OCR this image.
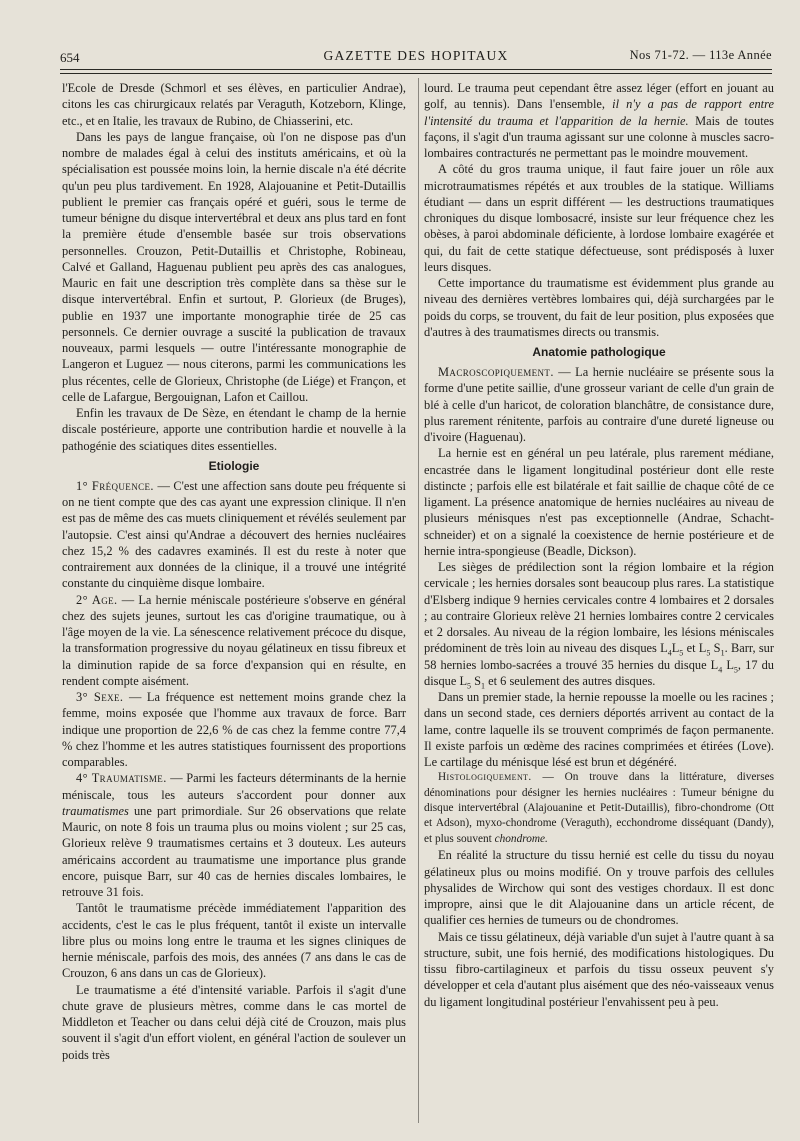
654	GAZETTE DES HOPITAUX	Nos 71-72. — 113e Année

l'Ecole de Dresde (Schmorl et ses élèves, en particulier Andrae), citons les cas chirurgicaux relatés par Veraguth, Kotzeborn, Klinge, etc., et en Italie, les travaux de Rubino, de Chiasserini, etc.

Dans les pays de langue française, où l'on ne dispose pas d'un nombre de malades égal à celui des instituts américains, et où la spécialisation est poussée moins loin, la hernie discale n'a été décrite qu'un peu plus tardivement. En 1928, Alajouanine et Petit-Dutaillis publient le premier cas français opéré et guéri, sous le terme de tumeur bénigne du disque intervertébral et deux ans plus tard en font la première étude d'ensemble basée sur trois observations personnelles. Crouzon, Petit-Dutaillis et Christophe, Robineau, Calvé et Galland, Haguenau publient peu après des cas analogues, Mauric en fait une description très complète dans sa thèse sur le disque intervertébral. Enfin et surtout, P. Glorieux (de Bruges), publie en 1937 une importante monographie tirée de 25 cas personnels. Ce dernier ouvrage a suscité la publication de travaux nouveaux, parmi lesquels — outre l'intéressante monographie de Langeron et Luguez — nous citerons, parmi les communications les plus récentes, celle de Glorieux, Christophe (de Liége) et Françon, et celle de Lafargue, Bergouignan, Lafon et Caillou.

Enfin les travaux de De Sèze, en étendant le champ de la hernie discale postérieure, apporte une contribution hardie et nouvelle à la pathogénie des sciatiques dites essentielles.

Etiologie

1° Fréquence. — C'est une affection sans doute peu fréquente si on ne tient compte que des cas ayant une expression clinique. Il n'en est pas de même des cas muets cliniquement et révélés seulement par l'autopsie. C'est ainsi qu'Andrae a découvert des hernies nucléaires chez 15,2 % des cadavres examinés. Il est du reste à noter que contrairement aux données de la clinique, il a trouvé une intégrité constante du cinquième disque lombaire.

2° Age. — La hernie méniscale postérieure s'observe en général chez des sujets jeunes, surtout les cas d'origine traumatique, ou à l'âge moyen de la vie. La sénescence relativement précoce du disque, la transformation progressive du noyau gélatineux en tissu fibreux et la diminution rapide de sa force d'expansion qui en résulte, en rendent compte aisément.

3° Sexe. — La fréquence est nettement moins grande chez la femme, moins exposée que l'homme aux travaux de force. Barr indique une proportion de 22,6 % de cas chez la femme contre 77,4 % chez l'homme et les autres statistiques fournissent des proportions comparables.

4° Traumatisme. — Parmi les facteurs déterminants de la hernie méniscale, tous les auteurs s'accordent pour donner aux traumatismes une part primordiale. Sur 26 observations que relate Mauric, on note 8 fois un trauma plus ou moins violent ; sur 25 cas, Glorieux relève 9 traumatismes certains et 3 douteux. Les auteurs américains accordent au traumatisme une importance plus grande encore, puisque Barr, sur 40 cas de hernies discales lombaires, le retrouve 31 fois.

Tantôt le traumatisme précède immédiatement l'apparition des accidents, c'est le cas le plus fréquent, tantôt il existe un intervalle libre plus ou moins long entre le trauma et les signes cliniques de hernie méniscale, parfois des mois, des années (7 ans dans le cas de Crouzon, 6 ans dans un cas de Glorieux).

Le traumatisme a été d'intensité variable. Parfois il s'agit d'une chute grave de plusieurs mètres, comme dans le cas mortel de Middleton et Teacher ou dans celui déjà cité de Crouzon, mais plus souvent il s'agit d'un effort violent, en général l'action de soulever un poids très

lourd. Le trauma peut cependant être assez léger (effort en jouant au golf, au tennis). Dans l'ensemble, il n'y a pas de rapport entre l'intensité du trauma et l'apparition de la hernie. Mais de toutes façons, il s'agit d'un trauma agissant sur une colonne à muscles sacro-lombaires contracturés ne permettant pas le moindre mouvement.

A côté du gros trauma unique, il faut faire jouer un rôle aux microtraumatismes répétés et aux troubles de la statique. Williams étudiant — dans un esprit différent — les destructions traumatiques chroniques du disque lombosacré, insiste sur leur fréquence chez les obèses, à paroi abdominale déficiente, à lordose lombaire exagérée et qui, du fait de cette statique défectueuse, sont prédisposés à luxer leurs disques.

Cette importance du traumatisme est évidemment plus grande au niveau des dernières vertèbres lombaires qui, déjà surchargées par le poids du corps, se trouvent, du fait de leur position, plus exposées que d'autres à des traumatismes directs ou transmis.

Anatomie pathologique

Macroscopiquement. — La hernie nucléaire se présente sous la forme d'une petite saillie, d'une grosseur variant de celle d'un grain de blé à celle d'un haricot, de coloration blanchâtre, de consistance dure, plus rarement rénitente, parfois au contraire d'une dureté ligneuse ou d'ivoire (Haguenau).

La hernie est en général un peu latérale, plus rarement médiane, encastrée dans le ligament longitudinal postérieur dont elle reste distincte ; parfois elle est bilatérale et fait saillie de chaque côté de ce ligament. La présence anatomique de hernies nucléaires au niveau de plusieurs ménisques n'est pas exceptionnelle (Andrae, Schacht-schneider) et on a signalé la coexistence de hernie postérieure et de hernie intra-spongieuse (Beadle, Dickson).

Les sièges de prédilection sont la région lombaire et la région cervicale ; les hernies dorsales sont beaucoup plus rares. La statistique d'Elsberg indique 9 hernies cervicales contre 4 lombaires et 2 dorsales ; au contraire Glorieux relève 21 hernies lombaires contre 2 cervicales et 2 dorsales. Au niveau de la région lombaire, les lésions méniscales prédominent de très loin au niveau des disques $L_4L_5$ et $L_5$ $S_1$. Barr, sur 58 hernies lombo-sacrées a trouvé 35 hernies du disque $L_4$ $L_5$, 17 du disque $L_5$ $S_1$ et 6 seulement des autres disques.

Dans un premier stade, la hernie repousse la moelle ou les racines ; dans un second stade, ces derniers déportés arrivent au contact de la lame, contre laquelle ils se trouvent comprimés de façon permanente. Il existe parfois un œdème des racines comprimées et étirées (Love). Le cartilage du ménisque lésé est brun et dégénéré.

Histologiquement. — On trouve dans la littérature, diverses dénominations pour désigner les hernies nucléaires : Tumeur bénigne du disque intervertébral (Alajouanine et Petit-Dutaillis), fibro-chondrome (Ott et Adson), myxo-chondrome (Veraguth), ecchondrome disséquant (Dandy), et plus souvent chondrome.

En réalité la structure du tissu hernié est celle du tissu du noyau gélatineux plus ou moins modifié. On y trouve parfois des cellules physalides de Wirchow qui sont des vestiges chordaux. Il est donc impropre, ainsi que le dit Alajouanine dans un article récent, de qualifier ces hernies de tumeurs ou de chondromes.

Mais ce tissu gélatineux, déjà variable d'un sujet à l'autre quant à sa structure, subit, une fois hernié, des modifications histologiques. Du tissu fibro-cartilagineux et parfois du tissu osseux peuvent s'y développer et cela d'autant plus aisément que des néo-vaisseaux venus du ligament longitudinal postérieur l'envahissent peu à peu.
